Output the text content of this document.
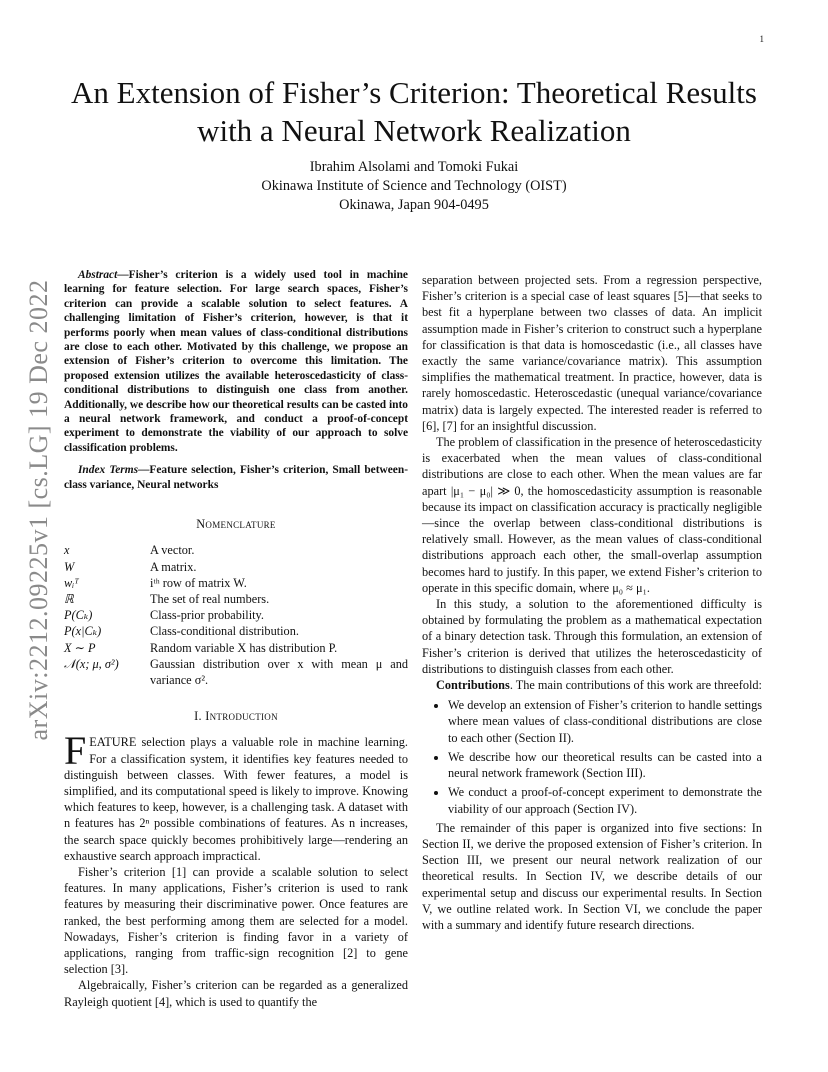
1
arXiv:2212.09225v1 [cs.LG] 19 Dec 2022
An Extension of Fisher’s Criterion: Theoretical Results with a Neural Network Realization
Ibrahim Alsolami and Tomoki Fukai
Okinawa Institute of Science and Technology (OIST)
Okinawa, Japan 904-0495

Abstract—Fisher’s criterion is a widely used tool in machine learning for feature selection. For large search spaces, Fisher’s criterion can provide a scalable solution to select features. A challenging limitation of Fisher’s criterion, however, is that it performs poorly when mean values of class-conditional distributions are close to each other. Motivated by this challenge, we propose an extension of Fisher’s criterion to overcome this limitation. The proposed extension utilizes the available heteroscedasticity of class-conditional distributions to distinguish one class from another. Additionally, we describe how our theoretical results can be casted into a neural network framework, and conduct a proof-of-concept experiment to demonstrate the viability of our approach to solve classification problems.

Index Terms—Feature selection, Fisher’s criterion, Small between-class variance, Neural networks

Nomenclature
x⃗	A vector.
W	A matrix.
wᵢᵀ	iᵗʰ row of matrix W.
ℝ	The set of real numbers.
P(Cₖ)	Class-prior probability.
P(x|Cₖ)	Class-conditional distribution.
X ∼ P	Random variable X has distribution P.
𝒩(x; μ, σ²)	Gaussian distribution over x with mean μ and variance σ².
I. Introduction

FEATURE selection plays a valuable role in machine learning. For a classification system, it identifies key features needed to distinguish between classes. With fewer features, a model is simplified, and its computational speed is likely to improve. Knowing which features to keep, however, is a challenging task. A dataset with n features has 2ⁿ possible combinations of features. As n increases, the search space quickly becomes prohibitively large—rendering an exhaustive search approach impractical.

Fisher’s criterion [1] can provide a scalable solution to select features. In many applications, Fisher’s criterion is used to rank features by measuring their discriminative power. Once features are ranked, the best performing among them are selected for a model. Nowadays, Fisher’s criterion is finding favor in a variety of applications, ranging from traffic-sign recognition [2] to gene selection [3].

Algebraically, Fisher’s criterion can be regarded as a generalized Rayleigh quotient [4], which is used to quantify the

separation between projected sets. From a regression perspective, Fisher’s criterion is a special case of least squares [5]—that seeks to best fit a hyperplane between two classes of data. An implicit assumption made in Fisher’s criterion to construct such a hyperplane for classification is that data is homoscedastic (i.e., all classes have exactly the same variance/covariance matrix). This assumption simplifies the mathematical treatment. In practice, however, data is rarely homoscedastic. Heteroscedastic (unequal variance/covariance matrix) data is largely expected. The interested reader is referred to [6], [7] for an insightful discussion.

The problem of classification in the presence of heteroscedasticity is exacerbated when the mean values of class-conditional distributions are close to each other. When the mean values are far apart |μ₁ − μ₀| ≫ 0, the homoscedasticity assumption is reasonable because its impact on classification accuracy is practically negligible—since the overlap between class-conditional distributions is relatively small. However, as the mean values of class-conditional distributions approach each other, the small-overlap assumption becomes hard to justify. In this paper, we extend Fisher’s criterion to operate in this specific domain, where μ₀ ≈ μ₁.

In this study, a solution to the aforementioned difficulty is obtained by formulating the problem as a mathematical expectation of a binary detection task. Through this formulation, an extension of Fisher’s criterion is derived that utilizes the heteroscedasticity of distributions to distinguish classes from each other.

Contributions. The main contributions of this work are threefold:

• We develop an extension of Fisher’s criterion to handle settings where mean values of class-conditional distributions are close to each other (Section II).
• We describe how our theoretical results can be casted into a neural network framework (Section III).
• We conduct a proof-of-concept experiment to demonstrate the viability of our approach (Section IV).

The remainder of this paper is organized into five sections: In Section II, we derive the proposed extension of Fisher’s criterion. In Section III, we present our neural network realization of our theoretical results. In Section IV, we describe details of our experimental setup and discuss our experimental results. In Section V, we outline related work. In Section VI, we conclude the paper with a summary and identify future research directions.
